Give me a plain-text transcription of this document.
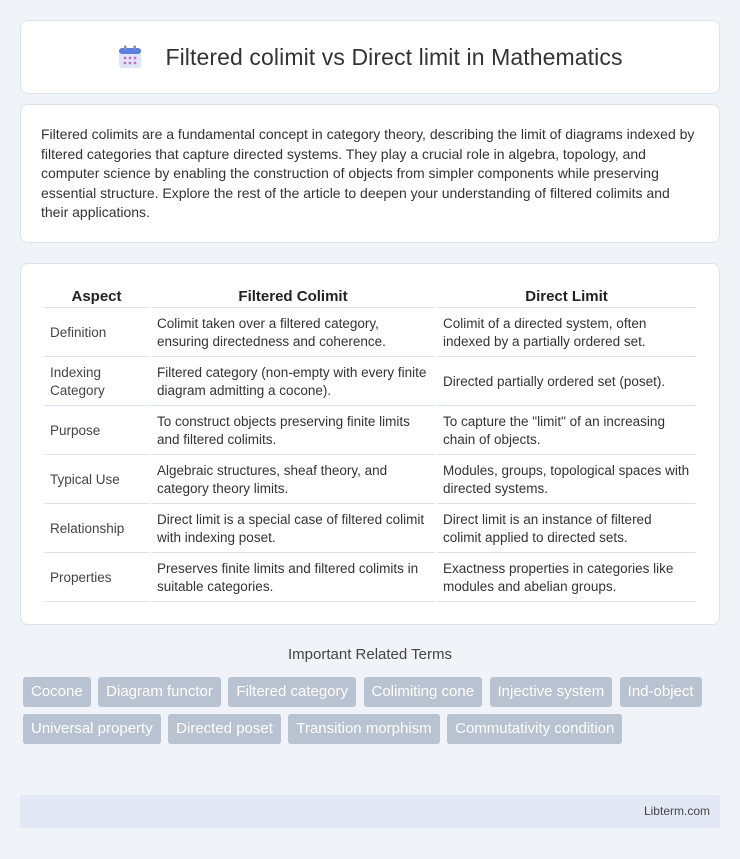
Filtered colimit vs Direct limit in Mathematics

Filtered colimits are a fundamental concept in category theory, describing the limit of diagrams indexed by filtered categories that capture directed systems. They play a crucial role in algebra, topology, and computer science by enabling the construction of objects from simpler components while preserving essential structure. Explore the rest of the article to deepen your understanding of filtered colimits and their applications.

Aspect	Filtered Colimit	Direct Limit
Definition	Colimit taken over a filtered category, ensuring directedness and coherence.	Colimit of a directed system, often indexed by a partially ordered set.
Indexing Category	Filtered category (non-empty with every finite diagram admitting a cocone).	Directed partially ordered set (poset).
Purpose	To construct objects preserving finite limits and filtered colimits.	To capture the "limit" of an increasing chain of objects.
Typical Use	Algebraic structures, sheaf theory, and category theory limits.	Modules, groups, topological spaces with directed systems.
Relationship	Direct limit is a special case of filtered colimit with indexing poset.	Direct limit is an instance of filtered colimit applied to directed sets.
Properties	Preserves finite limits and filtered colimits in suitable categories.	Exactness properties in categories like modules and abelian groups.
Important Related Terms
Cocone Diagram functor Filtered category Colimiting cone Injective system Ind-object Universal property Directed poset Transition morphism Commutativity condition
Libterm.com
